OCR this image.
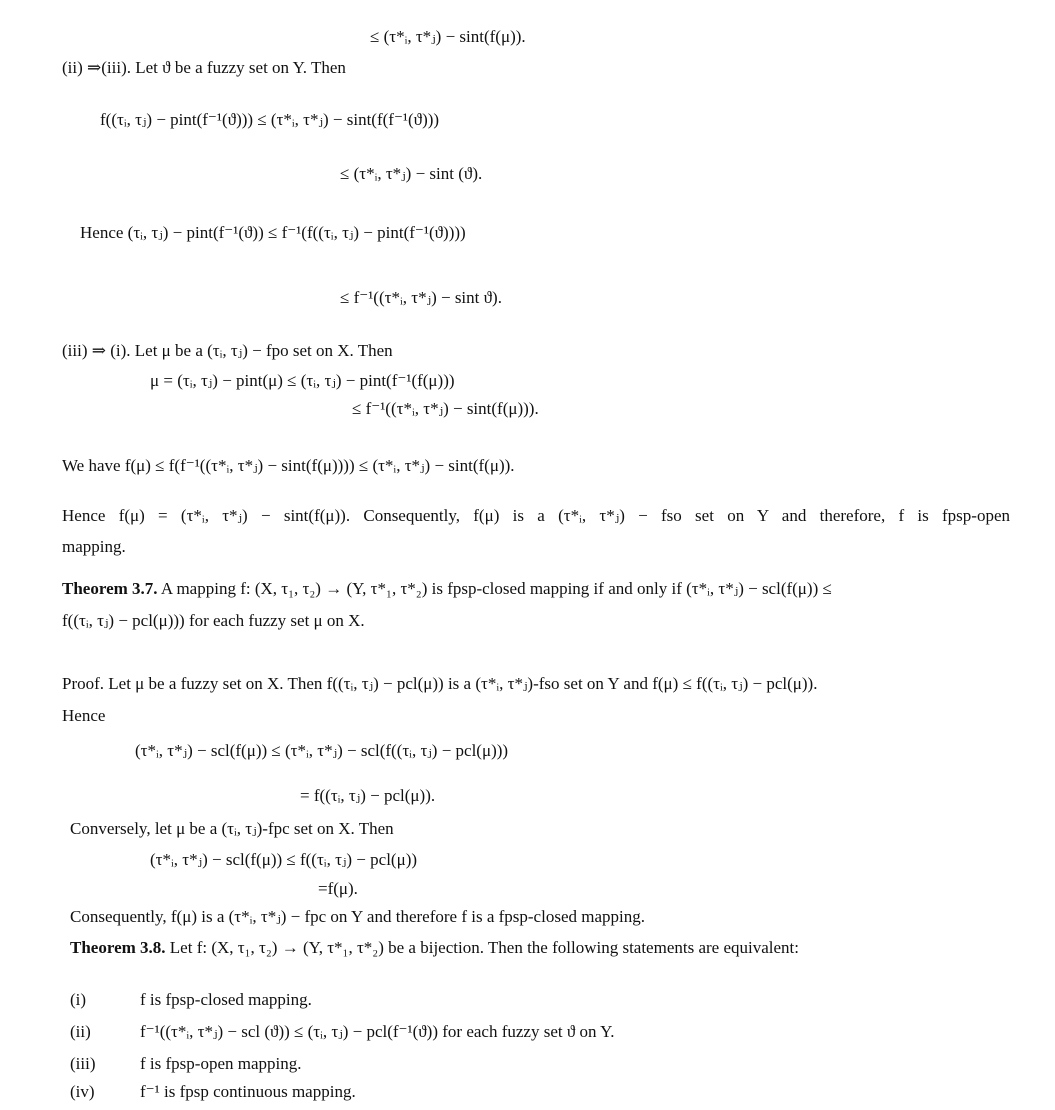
≤ (τ*ᵢ, τ*ⱼ) − sint(f(μ)).
(ii) ⇒(iii). Let ϑ be a fuzzy set on Y. Then
f((τᵢ, τⱼ) − pint(f⁻¹(ϑ))) ≤ (τ*ᵢ, τ*ⱼ) − sint(f(f⁻¹(ϑ)))
≤ (τ*ᵢ, τ*ⱼ) − sint (ϑ).
Hence (τᵢ, τⱼ) − pint(f⁻¹(ϑ)) ≤ f⁻¹(f((τᵢ, τⱼ) − pint(f⁻¹(ϑ))))
≤ f⁻¹((τ*ᵢ, τ*ⱼ) − sint ϑ).
(iii) ⇒ (i). Let μ be a (τᵢ, τⱼ) − fpo set on X. Then
μ = (τᵢ, τⱼ) − pint(μ) ≤ (τᵢ, τⱼ) − pint(f⁻¹(f(μ)))
≤ f⁻¹((τ*ᵢ, τ*ⱼ) − sint(f(μ))).
We have f(μ) ≤ f(f⁻¹((τ*ᵢ, τ*ⱼ) − sint(f(μ)))) ≤ (τ*ᵢ, τ*ⱼ) − sint(f(μ)).
Hence f(μ) = (τ*ᵢ, τ*ⱼ) − sint(f(μ)). Consequently, f(μ) is a (τ*ᵢ, τ*ⱼ) − fso set on Y and therefore, f is fpsp-open
mapping.
Theorem 3.7. A mapping f: (X, τ₁, τ₂) → (Y, τ*₁, τ*₂) is fpsp-closed mapping if and only if (τ*ᵢ, τ*ⱼ) − scl(f(μ)) ≤
f((τᵢ, τⱼ) − pcl(μ))) for each fuzzy set μ on X.
Proof. Let μ be a fuzzy set on X. Then f((τᵢ, τⱼ) − pcl(μ)) is a (τ*ᵢ, τ*ⱼ)-fso set on Y and f(μ) ≤ f((τᵢ, τⱼ) − pcl(μ)).
Hence
(τ*ᵢ, τ*ⱼ) − scl(f(μ)) ≤ (τ*ᵢ, τ*ⱼ) − scl(f((τᵢ, τⱼ) − pcl(μ)))
= f((τᵢ, τⱼ) − pcl(μ)).
Conversely, let μ be a (τᵢ, τⱼ)-fpc set on X. Then
(τ*ᵢ, τ*ⱼ) − scl(f(μ)) ≤ f((τᵢ, τⱼ) − pcl(μ))
=f(μ).
Consequently, f(μ) is a (τ*ᵢ, τ*ⱼ) − fpc on Y and therefore f is a fpsp-closed mapping.
Theorem 3.8. Let f: (X, τ₁, τ₂) → (Y, τ*₁, τ*₂) be a bijection. Then the following statements are equivalent:
(i)	f is fpsp-closed mapping.
(ii)	f⁻¹((τ*ᵢ, τ*ⱼ) − scl (ϑ)) ≤ (τᵢ, τⱼ) − pcl(f⁻¹(ϑ)) for each fuzzy set ϑ on Y.
(iii)	f is fpsp-open mapping.
(iv)	f⁻¹ is fpsp continuous mapping.
